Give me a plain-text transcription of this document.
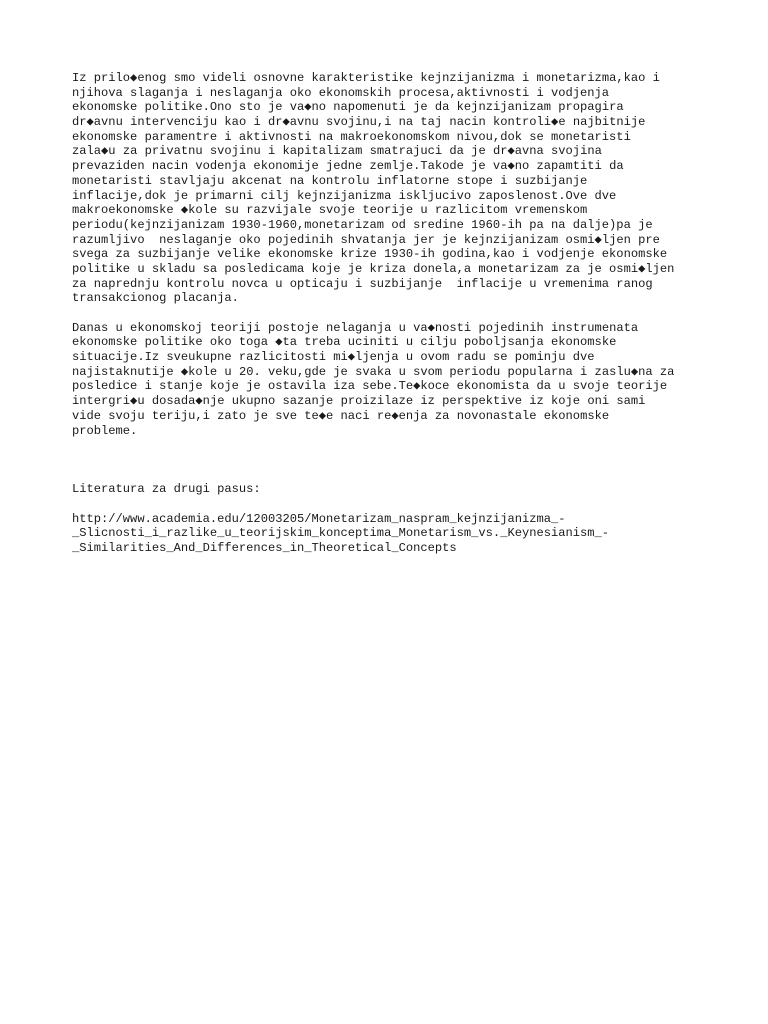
Iz prilo◆enog smo videli osnovne karakteristike kejnzijanizma i monetarizma,kao i
njihova slaganja i neslaganja oko ekonomskih procesa,aktivnosti i vodjenja
ekonomske politike.Ono sto je va◆no napomenuti je da kejnzijanizam propagira
dr◆avnu intervenciju kao i dr◆avnu svojinu,i na taj nacin kontroli◆e najbitnije
ekonomske paramentre i aktivnosti na makroekonomskom nivou,dok se monetaristi
zala◆u za privatnu svojinu i kapitalizam smatrajuci da je dr◆avna svojina
prevaziden nacin vodenja ekonomije jedne zemlje.Takode je va◆no zapamtiti da
monetaristi stavljaju akcenat na kontrolu inflatorne stope i suzbijanje
inflacije,dok je primarni cilj kejnzijanizma iskljucivo zaposlenost.Ove dve
makroekonomske ◆kole su razvijale svoje teorije u razlicitom vremenskom
periodu(kejnzijanizam 1930-1960,monetarizam od sredine 1960-ih pa na dalje)pa je
razumljivo  neslaganje oko pojedinih shvatanja jer je kejnzijanizam osmi◆ljen pre
svega za suzbijanje velike ekonomske krize 1930-ih godina,kao i vodjenje ekonomske
politike u skladu sa posledicama koje je kriza donela,a monetarizam za je osmi◆ljen
za naprednju kontrolu novca u opticaju i suzbijanje  inflacije u vremenima ranog
transakcionog placanja.
Danas u ekonomskoj teoriji postoje nelaganja u va◆nosti pojedinih instrumenata
ekonomske politike oko toga ◆ta treba uciniti u cilju poboljsanja ekonomske
situacije.Iz sveukupne razlicitosti mi◆ljenja u ovom radu se pominju dve
najistaknutije ◆kole u 20. veku,gde je svaka u svom periodu popularna i zaslu◆na za
posledice i stanje koje je ostavila iza sebe.Te◆koce ekonomista da u svoje teorije
intergri◆u dosada◆nje ukupno sazanje proizilaze iz perspektive iz koje oni sami
vide svoju teriju,i zato je sve te◆e naci re◆enja za novonastale ekonomske
probleme.
Literatura za drugi pasus:
http://www.academia.edu/12003205/Monetarizam_naspram_kejnzijanizma_-
_Slicnosti_i_razlike_u_teorijskim_konceptima_Monetarism_vs._Keynesianism_-
_Similarities_And_Differences_in_Theoretical_Concepts
